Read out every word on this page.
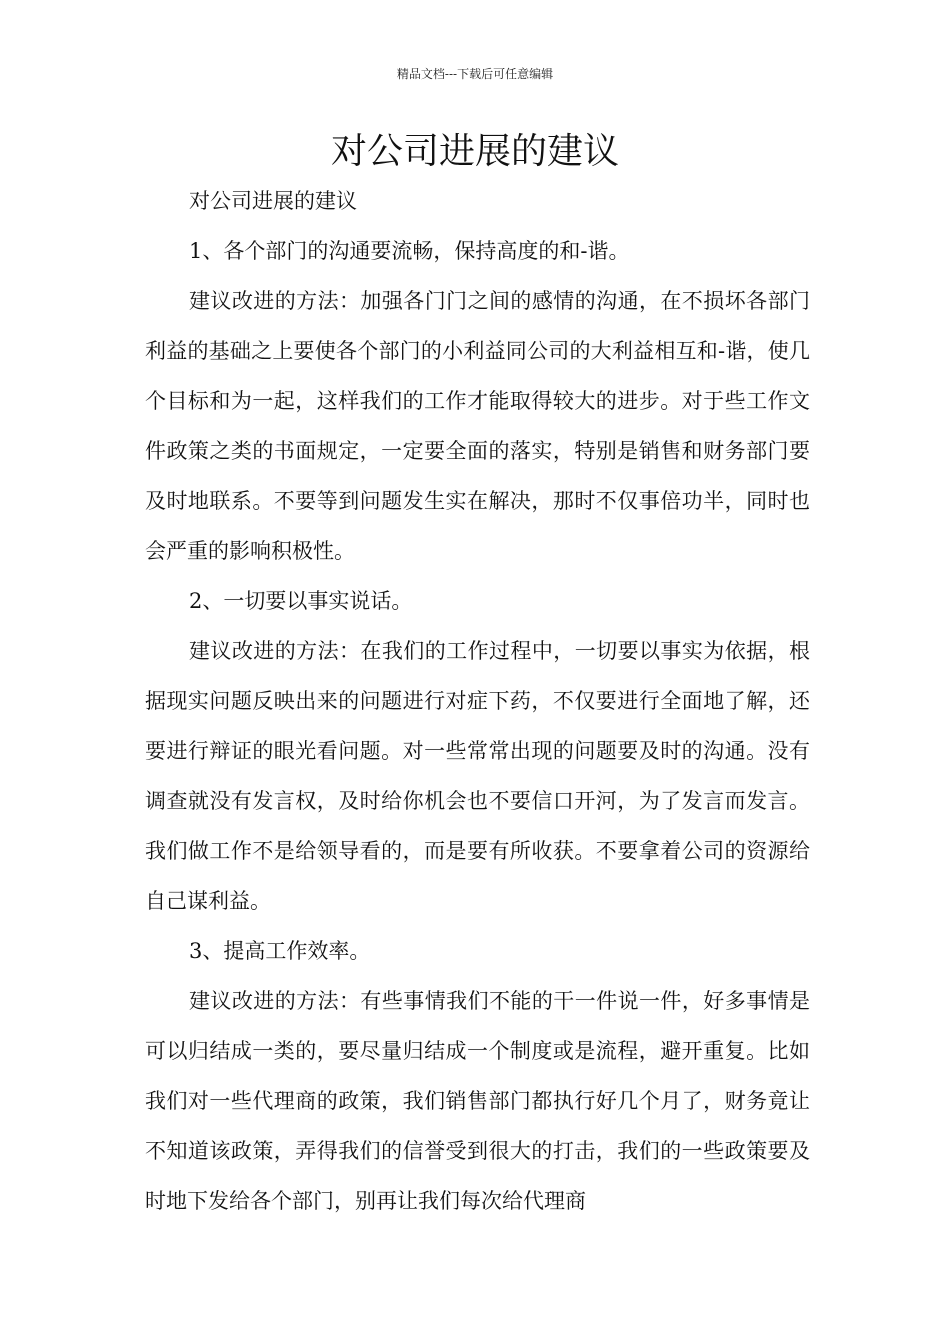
精品文档---下载后可任意编辑
对公司进展的建议

对公司进展的建议

1、各个部门的沟通要流畅，保持高度的和-谐。

建议改进的方法：加强各门门之间的感情的沟通，在不损坏各部门利益的基础之上要使各个部门的小利益同公司的大利益相互和-谐，使几个目标和为一起，这样我们的工作才能取得较大的进步。对于些工作文件政策之类的书面规定，一定要全面的落实，特别是销售和财务部门要及时地联系。不要等到问题发生实在解决，那时不仅事倍功半，同时也会严重的影响积极性。

2、一切要以事实说话。

建议改进的方法：在我们的工作过程中，一切要以事实为依据，根据现实问题反映出来的问题进行对症下药，不仅要进行全面地了解，还要进行辩证的眼光看问题。对一些常常出现的问题要及时的沟通。没有调查就没有发言权，及时给你机会也不要信口开河，为了发言而发言。我们做工作不是给领导看的，而是要有所收获。不要拿着公司的资源给自己谋利益。

3、提高工作效率。

建议改进的方法：有些事情我们不能的干一件说一件，好多事情是可以归结成一类的，要尽量归结成一个制度或是流程，避开重复。比如我们对一些代理商的政策，我们销售部门都执行好几个月了，财务竟让不知道该政策，弄得我们的信誉受到很大的打击，我们的一些政策要及时地下发给各个部门，别再让我们每次给代理商
